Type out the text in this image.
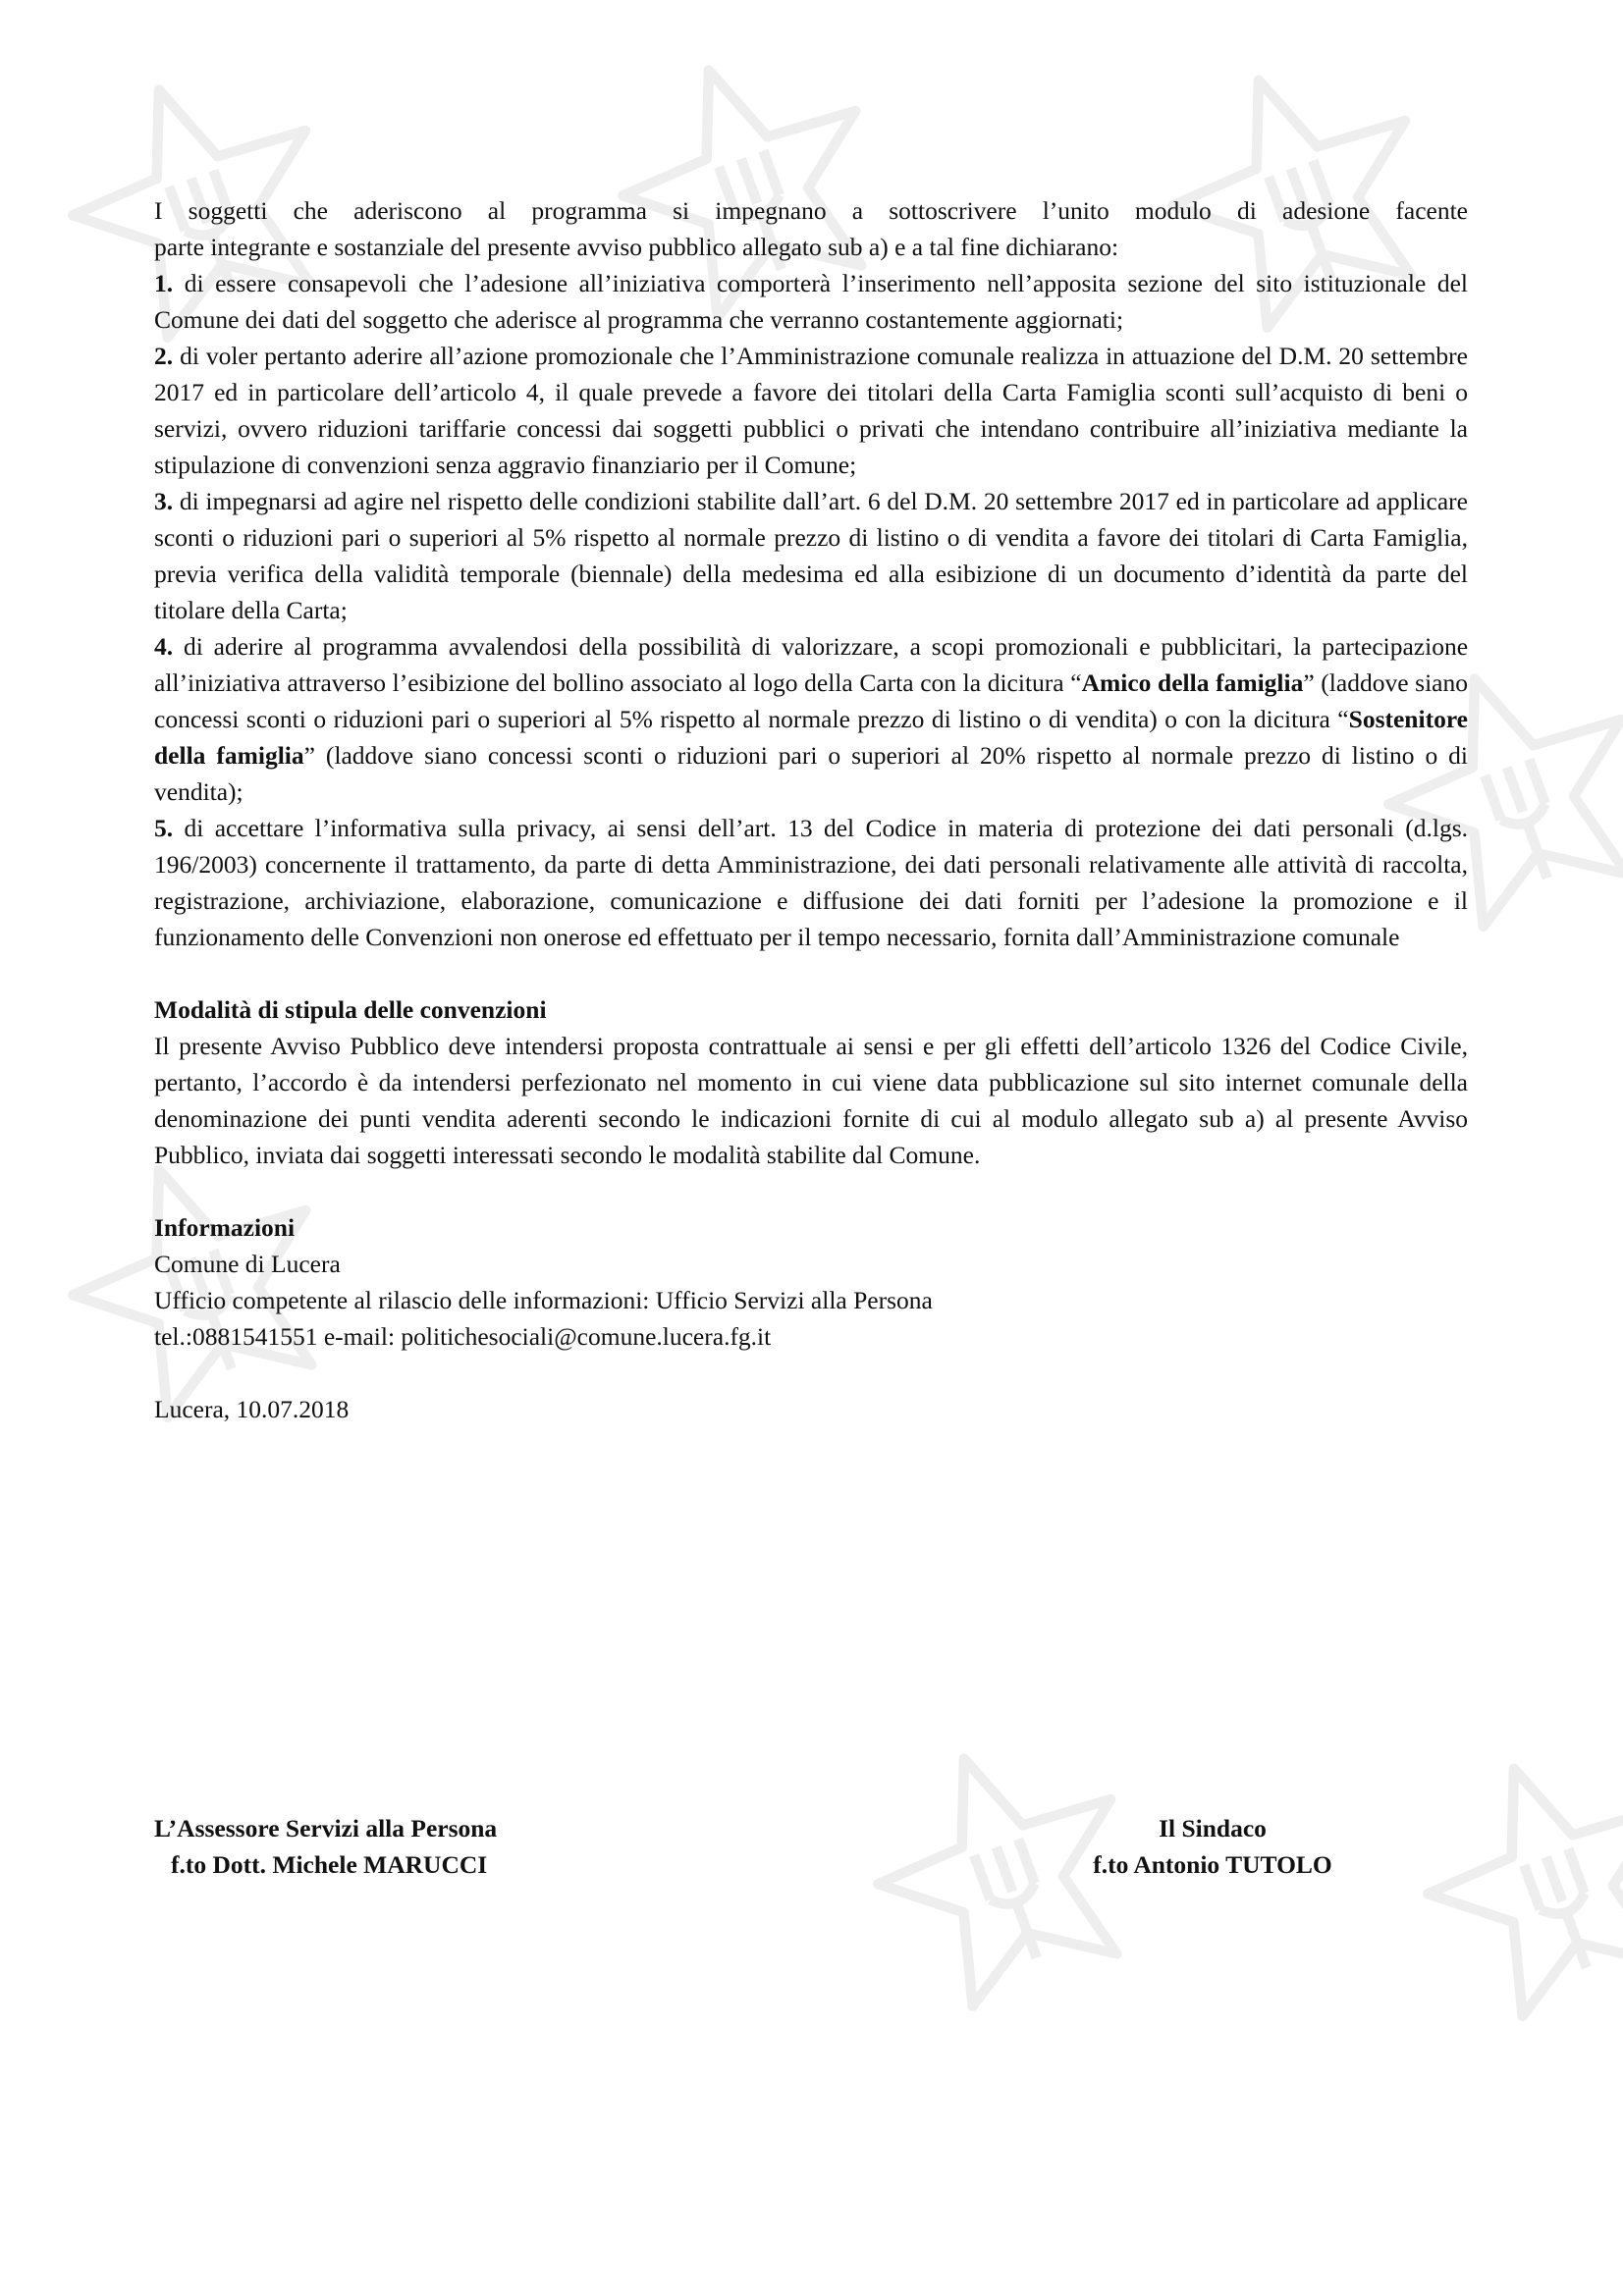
I soggetti che aderiscono al programma si impegnano a sottoscrivere l’unito modulo di adesione facente

parte integrante e sostanziale del presente avviso pubblico allegato sub a) e a tal fine dichiarano:

1. di essere consapevoli che l’adesione all’iniziativa comporterà l’inserimento nell’apposita sezione del sito istituzionale del Comune dei dati del soggetto che aderisce al programma che verranno costantemente aggiornati;

2. di voler pertanto aderire all’azione promozionale che l’Amministrazione comunale realizza in attuazione del D.M. 20 settembre 2017 ed in particolare dell’articolo 4, il quale prevede a favore dei titolari della Carta Famiglia sconti sull’acquisto di beni o servizi, ovvero riduzioni tariffarie concessi dai soggetti pubblici o privati che intendano contribuire all’iniziativa mediante la stipulazione di convenzioni senza aggravio finanziario per il Comune;

3. di impegnarsi ad agire nel rispetto delle condizioni stabilite dall’art. 6 del D.M. 20 settembre 2017 ed in particolare ad applicare sconti o riduzioni pari o superiori al 5% rispetto al normale prezzo di listino o di vendita a favore dei titolari di Carta Famiglia, previa verifica della validità temporale (biennale) della medesima ed alla esibizione di un documento d’identità da parte del titolare della Carta;

4. di aderire al programma avvalendosi della possibilità di valorizzare, a scopi promozionali e pubblicitari, la partecipazione all’iniziativa attraverso l’esibizione del bollino associato al logo della Carta con la dicitura “Amico della famiglia” (laddove siano concessi sconti o riduzioni pari o superiori al 5% rispetto al normale prezzo di listino o di vendita) o con la dicitura “Sostenitore della famiglia” (laddove siano concessi sconti o riduzioni pari o superiori al 20% rispetto al normale prezzo di listino o di vendita);

5. di accettare l’informativa sulla privacy, ai sensi dell’art. 13 del Codice in materia di protezione dei dati personali (d.lgs. 196/2003) concernente il trattamento, da parte di detta Amministrazione, dei dati personali relativamente alle attività di raccolta, registrazione, archiviazione, elaborazione, comunicazione e diffusione dei dati forniti per l’adesione la promozione e il funzionamento delle Convenzioni non onerose ed effettuato per il tempo necessario, fornita dall’Amministrazione comunale

Modalità di stipula delle convenzioni

Il presente Avviso Pubblico deve intendersi proposta contrattuale ai sensi e per gli effetti dell’articolo 1326 del Codice Civile, pertanto, l’accordo è da intendersi perfezionato nel momento in cui viene data pubblicazione sul sito internet comunale della denominazione dei punti vendita aderenti secondo le indicazioni fornite di cui al modulo allegato sub a) al presente Avviso Pubblico, inviata dai soggetti interessati secondo le modalità stabilite dal Comune.

Informazioni

Comune di Lucera

Ufficio competente al rilascio delle informazioni: Ufficio Servizi alla Persona

tel.:0881541551 e-mail: politichesociali@comune.lucera.fg.it

Lucera, 10.07.2018

L’Assessore Servizi alla Persona
f.to Dott. Michele MARUCCI
Il Sindaco
f.to Antonio TUTOLO
